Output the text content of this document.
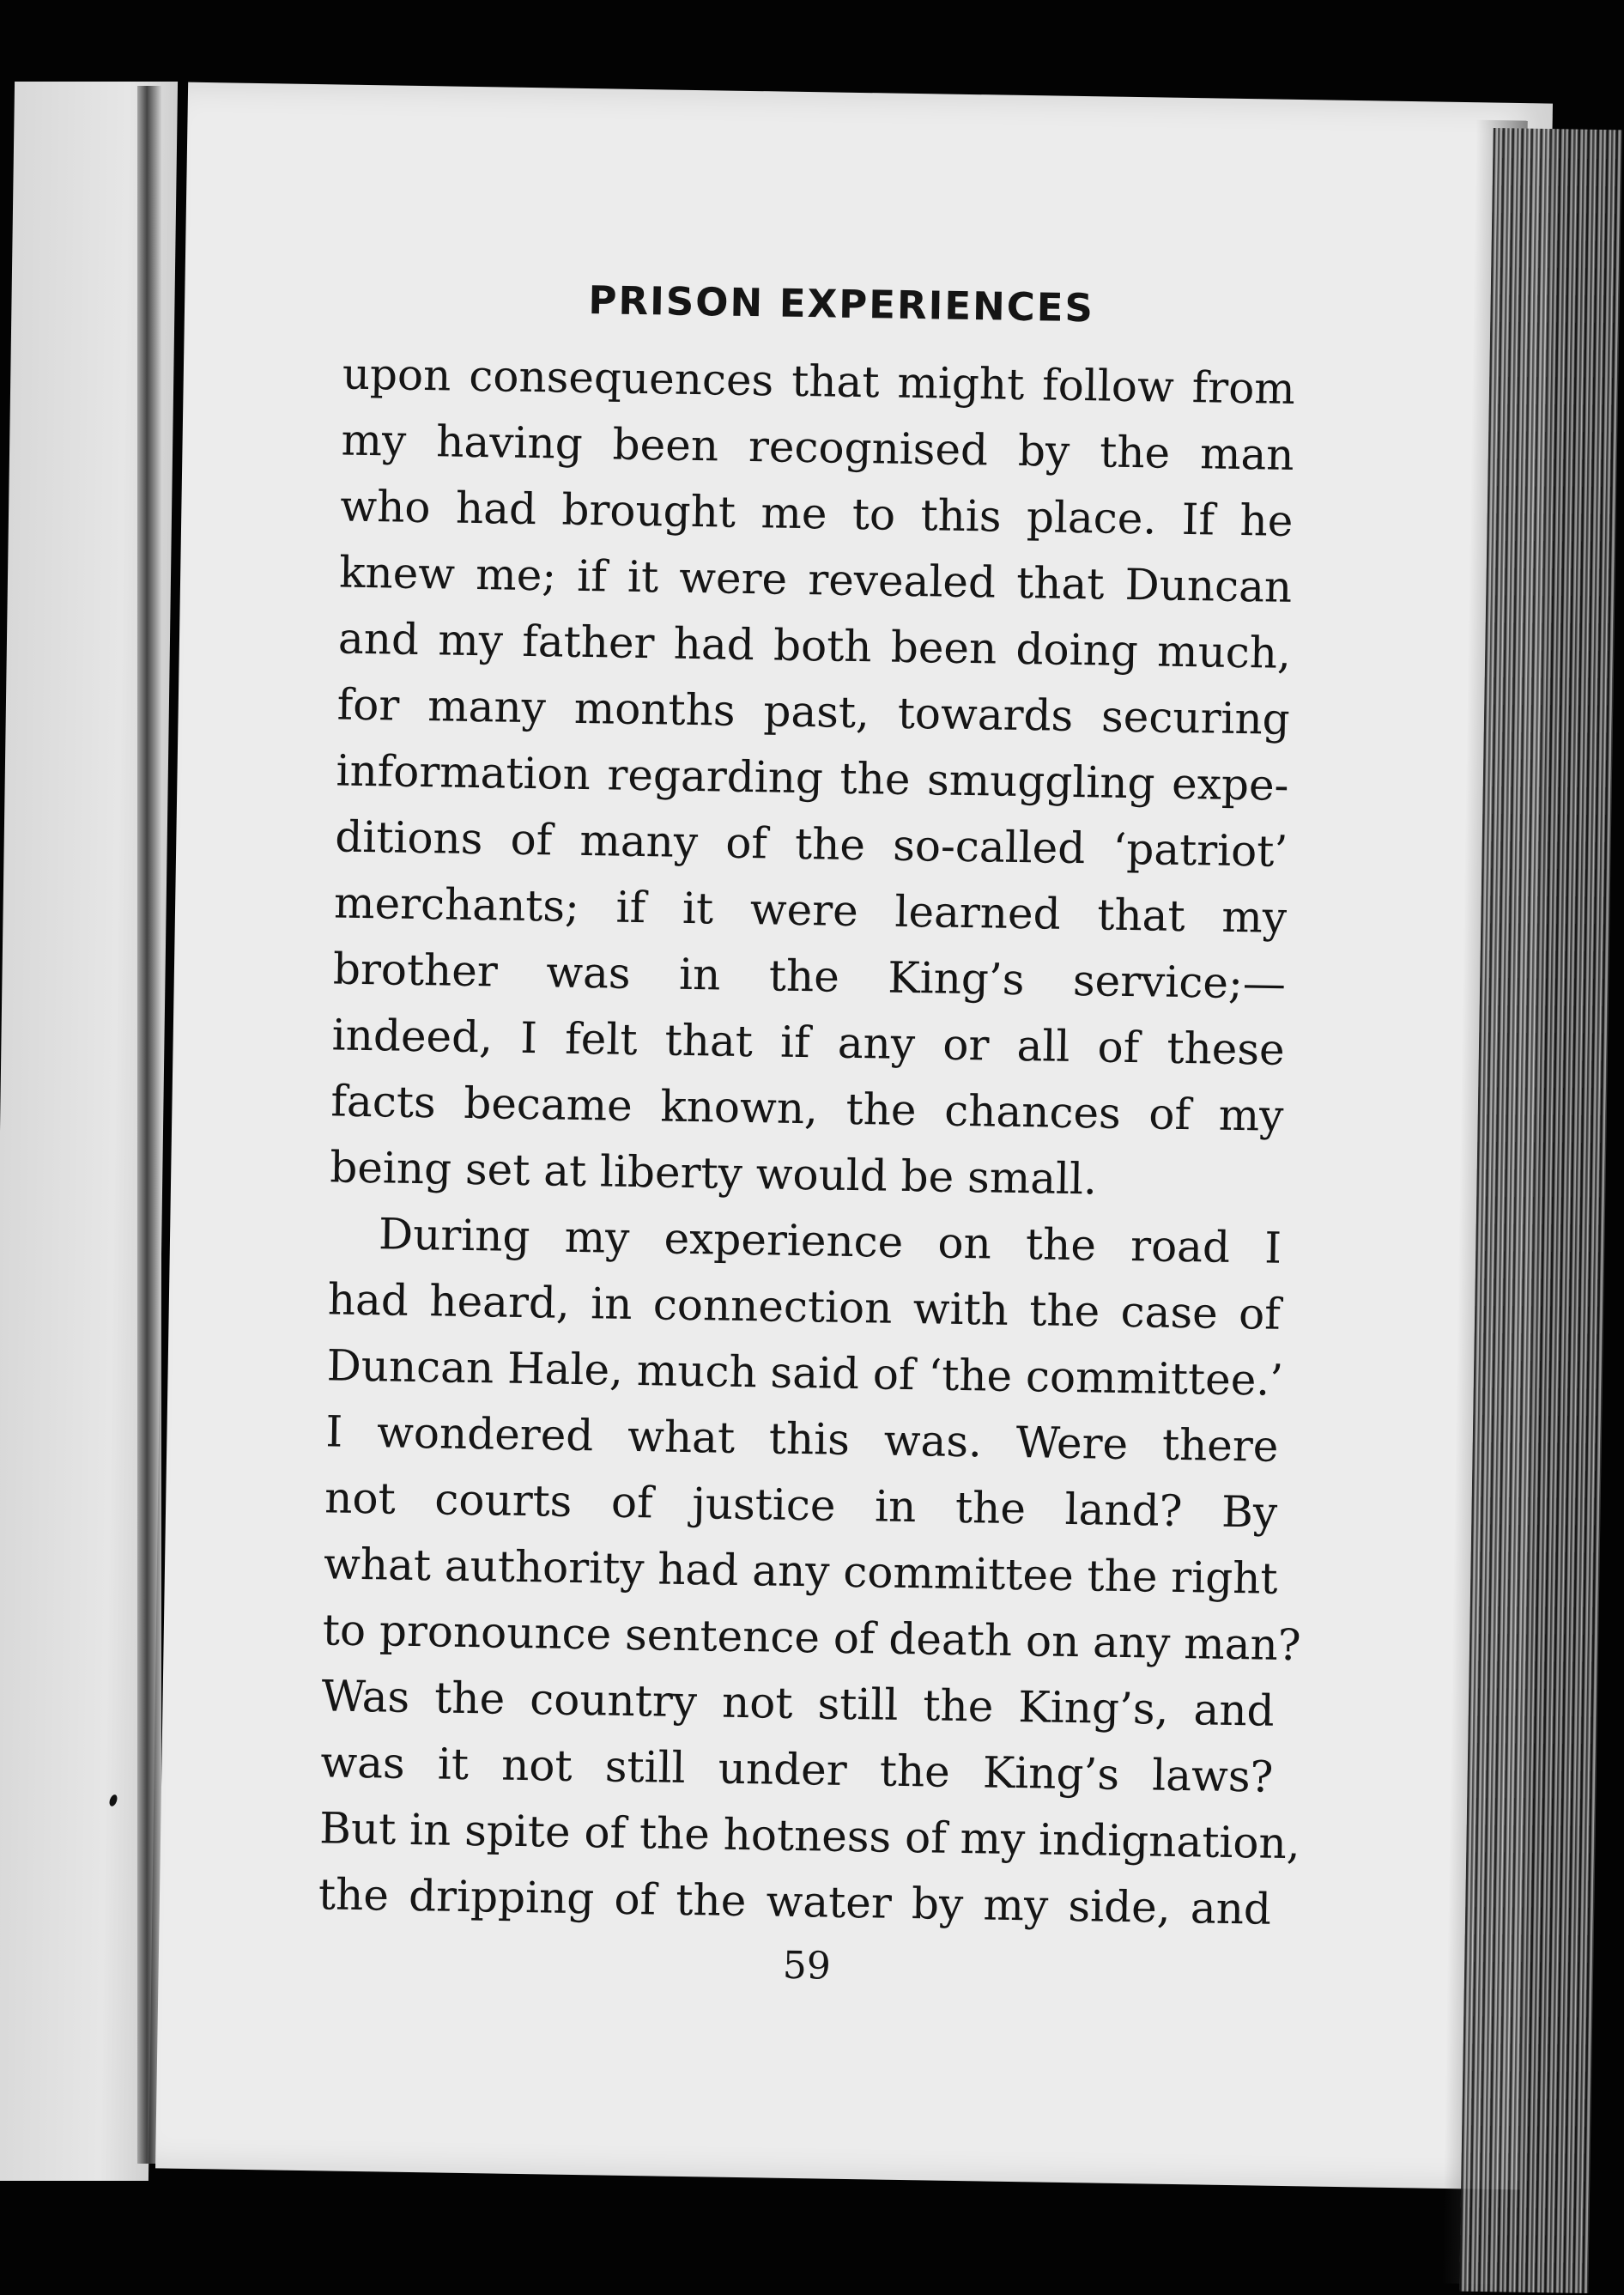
PRISON EXPERIENCES
upon consequences that might follow from
my having been recognised by the man
who had brought me to this place. If he
knew me; if it were revealed that Duncan
and my father had both been doing much,
for many months past, towards securing
information regarding the smuggling expe-
ditions of many of the so-called ‘patriot’
merchants; if it were learned that my
brother was in the King’s service;—
indeed, I felt that if any or all of these
facts became known, the chances of my
being set at liberty would be small.
During my experience on the road I
had heard, in connection with the case of
Duncan Hale, much said of ‘the committee.’
I wondered what this was. Were there
not courts of justice in the land? By
what authority had any committee the right
to pronounce sentence of death on any man?
Was the country not still the King’s, and
was it not still under the King’s laws?
But in spite of the hotness of my indignation,
the dripping of the water by my side, and
59
